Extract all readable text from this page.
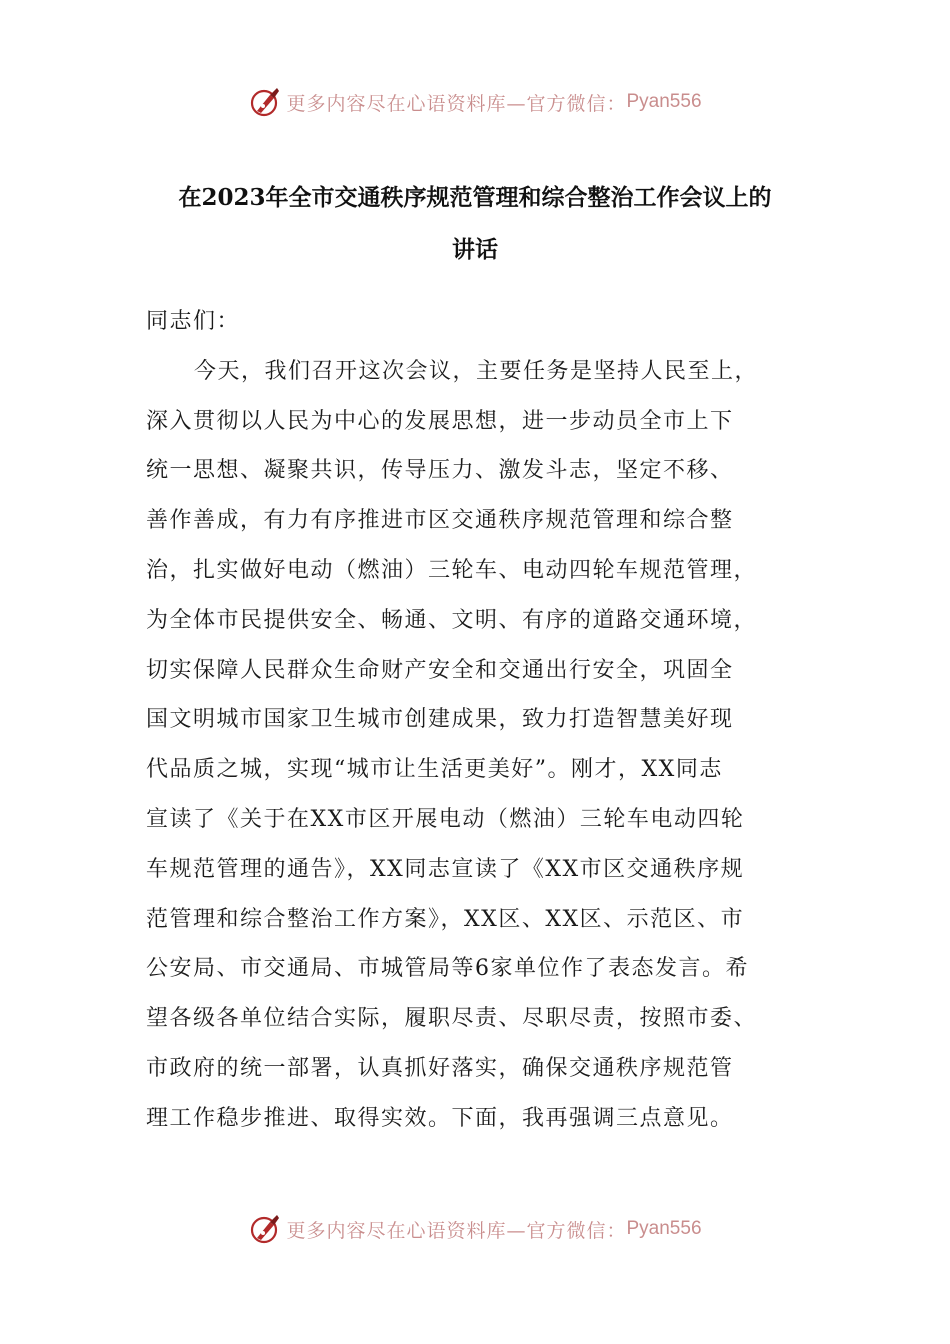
更多内容尽在心语资料库—官方微信： Pyan556
在2023年全市交通秩序规范管理和综合整治工作会议上的
讲话
同志们：
今天，我们召开这次会议，主要任务是坚持人民至上，
深入贯彻以人民为中心的发展思想，进一步动员全市上下
统一思想、凝聚共识，传导压力、激发斗志，坚定不移、
善作善成，有力有序推进市区交通秩序规范管理和综合整
治，扎实做好电动（燃油）三轮车、电动四轮车规范管理，
为全体市民提供安全、畅通、文明、有序的道路交通环境，
切实保障人民群众生命财产安全和交通出行安全，巩固全
国文明城市国家卫生城市创建成果，致力打造智慧美好现
代品质之城，实现“城市让生活更美好”。刚才，XX同志
宣读了《关于在XX市区开展电动（燃油）三轮车电动四轮
车规范管理的通告》，XX同志宣读了《XX市区交通秩序规
范管理和综合整治工作方案》，XX区、XX区、示范区、市
公安局、市交通局、市城管局等6家单位作了表态发言。希
望各级各单位结合实际，履职尽责、尽职尽责，按照市委、
市政府的统一部署，认真抓好落实，确保交通秩序规范管
理工作稳步推进、取得实效。下面，我再强调三点意见。
更多内容尽在心语资料库—官方微信： Pyan556
